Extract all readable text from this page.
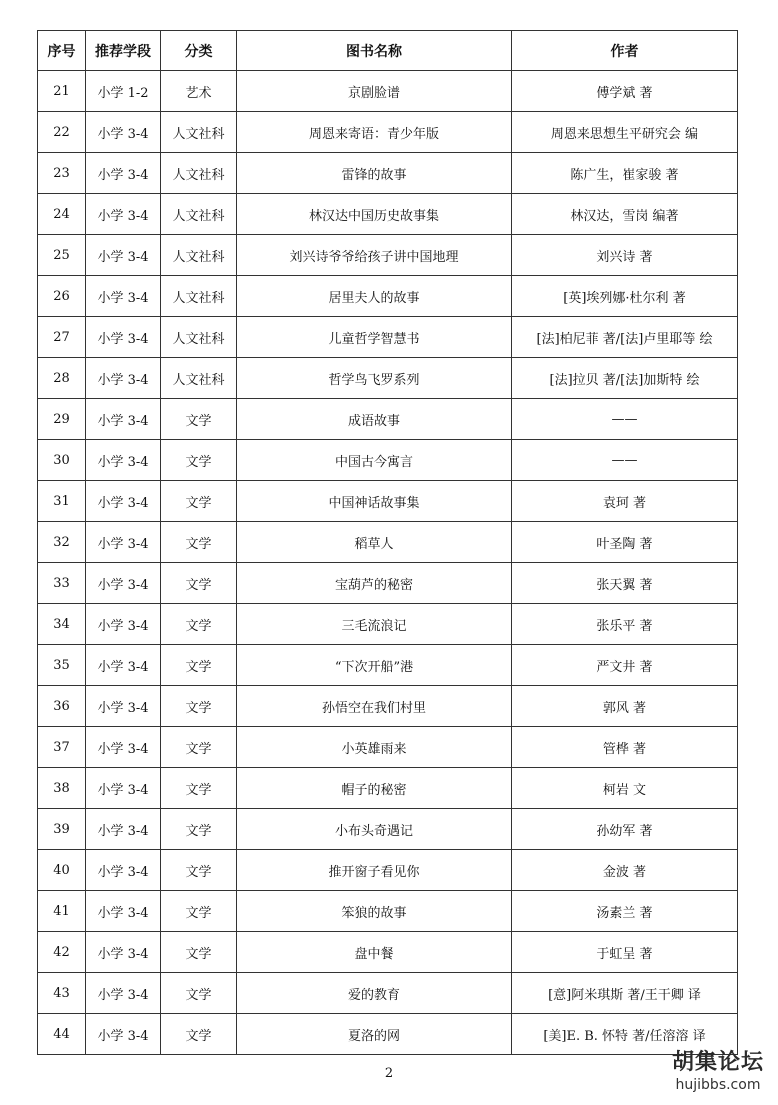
序号	推荐学段	分类	图书名称	作者
21	小学 1-2	艺术	京剧脸谱	傅学斌 著
22	小学 3-4	人文社科	周恩来寄语：青少年版	周恩来思想生平研究会 编
23	小学 3-4	人文社科	雷锋的故事	陈广生，崔家骏 著
24	小学 3-4	人文社科	林汉达中国历史故事集	林汉达，雪岗 编著
25	小学 3-4	人文社科	刘兴诗爷爷给孩子讲中国地理	刘兴诗 著
26	小学 3-4	人文社科	居里夫人的故事	[英]埃列娜·杜尔利 著
27	小学 3-4	人文社科	儿童哲学智慧书	[法]柏尼菲 著/[法]卢里耶等 绘
28	小学 3-4	人文社科	哲学鸟飞罗系列	[法]拉贝 著/[法]加斯特 绘
29	小学 3-4	文学	成语故事	——
30	小学 3-4	文学	中国古今寓言	——
31	小学 3-4	文学	中国神话故事集	袁珂 著
32	小学 3-4	文学	稻草人	叶圣陶 著
33	小学 3-4	文学	宝葫芦的秘密	张天翼 著
34	小学 3-4	文学	三毛流浪记	张乐平 著
35	小学 3-4	文学	“下次开船”港	严文井 著
36	小学 3-4	文学	孙悟空在我们村里	郭风 著
37	小学 3-4	文学	小英雄雨来	管桦 著
38	小学 3-4	文学	帽子的秘密	柯岩 文
39	小学 3-4	文学	小布头奇遇记	孙幼军 著
40	小学 3-4	文学	推开窗子看见你	金波 著
41	小学 3-4	文学	笨狼的故事	汤素兰 著
42	小学 3-4	文学	盘中餐	于虹呈 著
43	小学 3-4	文学	爱的教育	[意]阿米琪斯 著/王干卿 译
44	小学 3-4	文学	夏洛的网	[美]E. B. 怀特 著/任溶溶 译
2	胡集论坛
hujibbs.com
